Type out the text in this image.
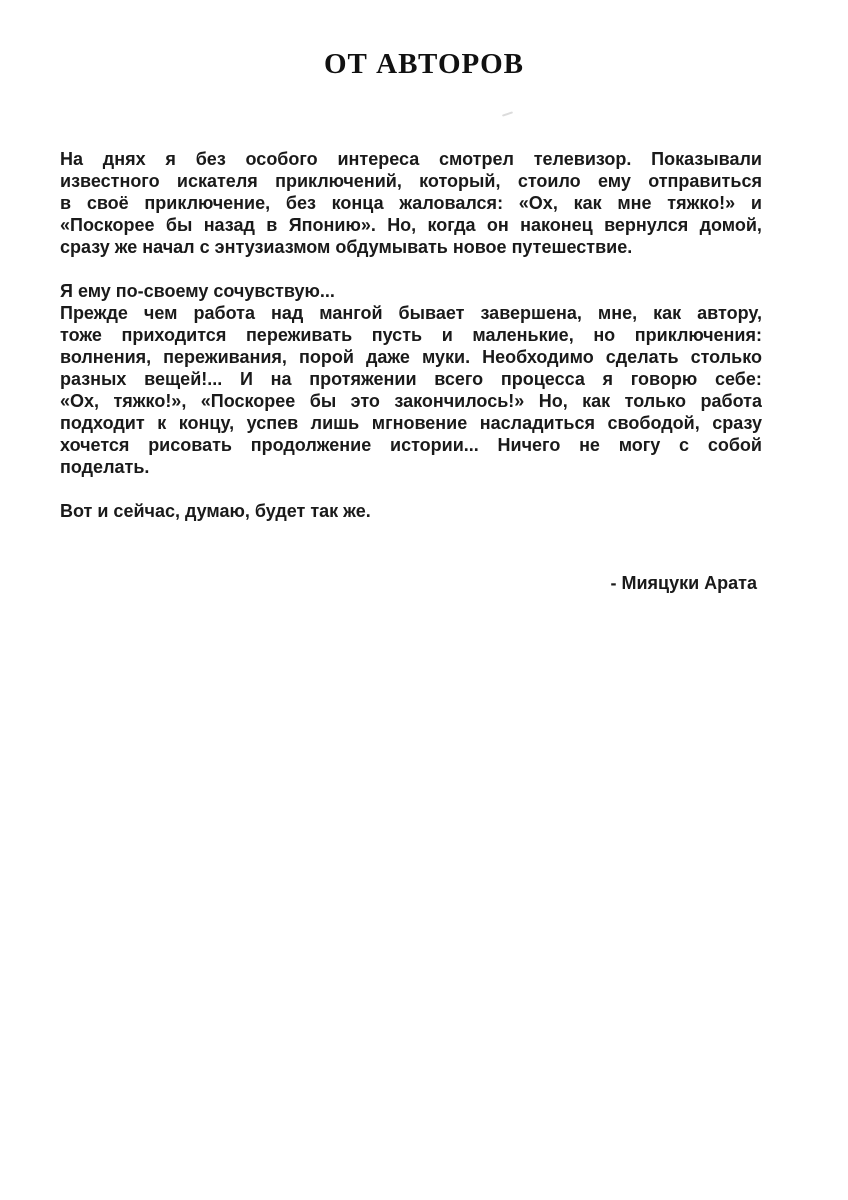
ОТ АВТОРОВ
На днях я без особого интереса смотрел телевизор. Показывали
известного искателя приключений, который, стоило ему отправиться
в своё приключение, без конца жаловался: «Ох, как мне тяжко!» и
«Поскорее бы назад в Японию». Но, когда он наконец вернулся домой,
сразу же начал с энтузиазмом обдумывать новое путешествие.
Я ему по-своему сочувствую...
Прежде чем работа над мангой бывает завершена, мне, как автору,
тоже приходится переживать пусть и маленькие, но приключения:
волнения, переживания, порой даже муки. Необходимо сделать столько
разных вещей!... И на протяжении всего процесса я говорю себе:
«Ох, тяжко!», «Поскорее бы это закончилось!» Но, как только работа
подходит к концу, успев лишь мгновение насладиться свободой, сразу
хочется рисовать продолжение истории... Ничего не могу с собой
поделать.
Вот и сейчас, думаю, будет так же.
- Мияцуки Арата
